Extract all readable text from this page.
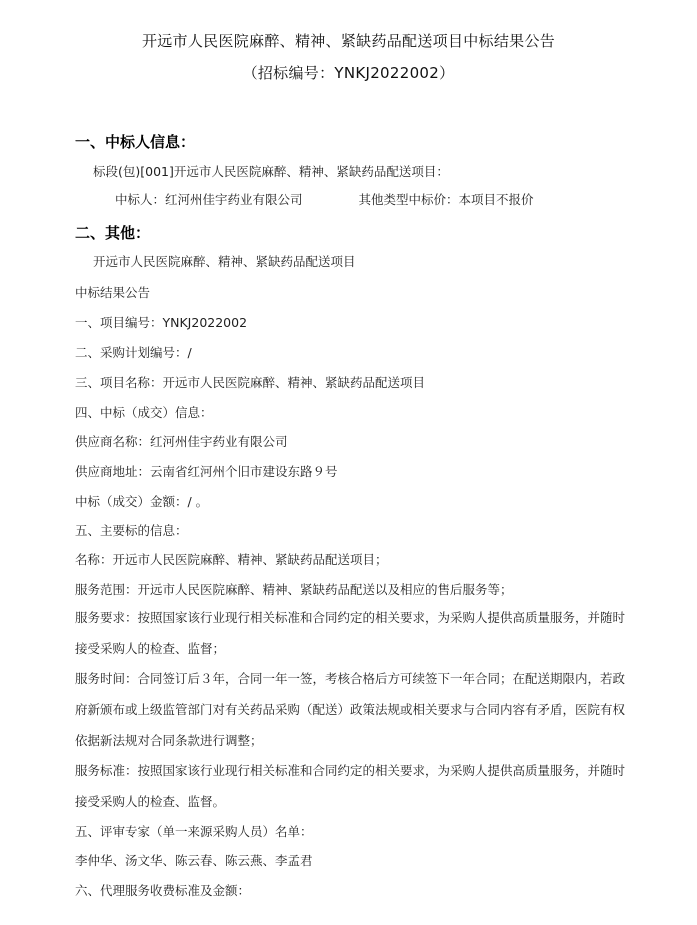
开远市人民医院麻醉、精神、紧缺药品配送项目中标结果公告
（招标编号：YNKJ2022002）
一、中标人信息：
标段(包)[001]开远市人民医院麻醉、精神、紧缺药品配送项目：
中标人：红河州佳宇药业有限公司	其他类型中标价：本项目不报价
二、其他：
开远市人民医院麻醉、精神、紧缺药品配送项目
中标结果公告
一、项目编号：YNKJ2022002
二、采购计划编号：/
三、项目名称：开远市人民医院麻醉、精神、紧缺药品配送项目
四、中标（成交）信息：
供应商名称：红河州佳宇药业有限公司
供应商地址：云南省红河州个旧市建设东路９号
中标（成交）金额：/ 。
五、主要标的信息：
名称：开远市人民医院麻醉、精神、紧缺药品配送项目；
服务范围：开远市人民医院麻醉、精神、紧缺药品配送以及相应的售后服务等；
服务要求：按照国家该行业现行相关标准和合同约定的相关要求，为采购人提供高质量服务，并随时接受采购人的检查、监督；
服务时间：合同签订后３年，合同一年一签，考核合格后方可续签下一年合同；在配送期限内，若政府新颁布或上级监管部门对有关药品采购（配送）政策法规或相关要求与合同内容有矛盾，医院有权依据新法规对合同条款进行调整；
服务标准：按照国家该行业现行相关标准和合同约定的相关要求，为采购人提供高质量服务，并随时接受采购人的检查、监督。
五、评审专家（单一来源采购人员）名单：
李仲华、汤文华、陈云春、陈云燕、李孟君
六、代理服务收费标准及金额：
